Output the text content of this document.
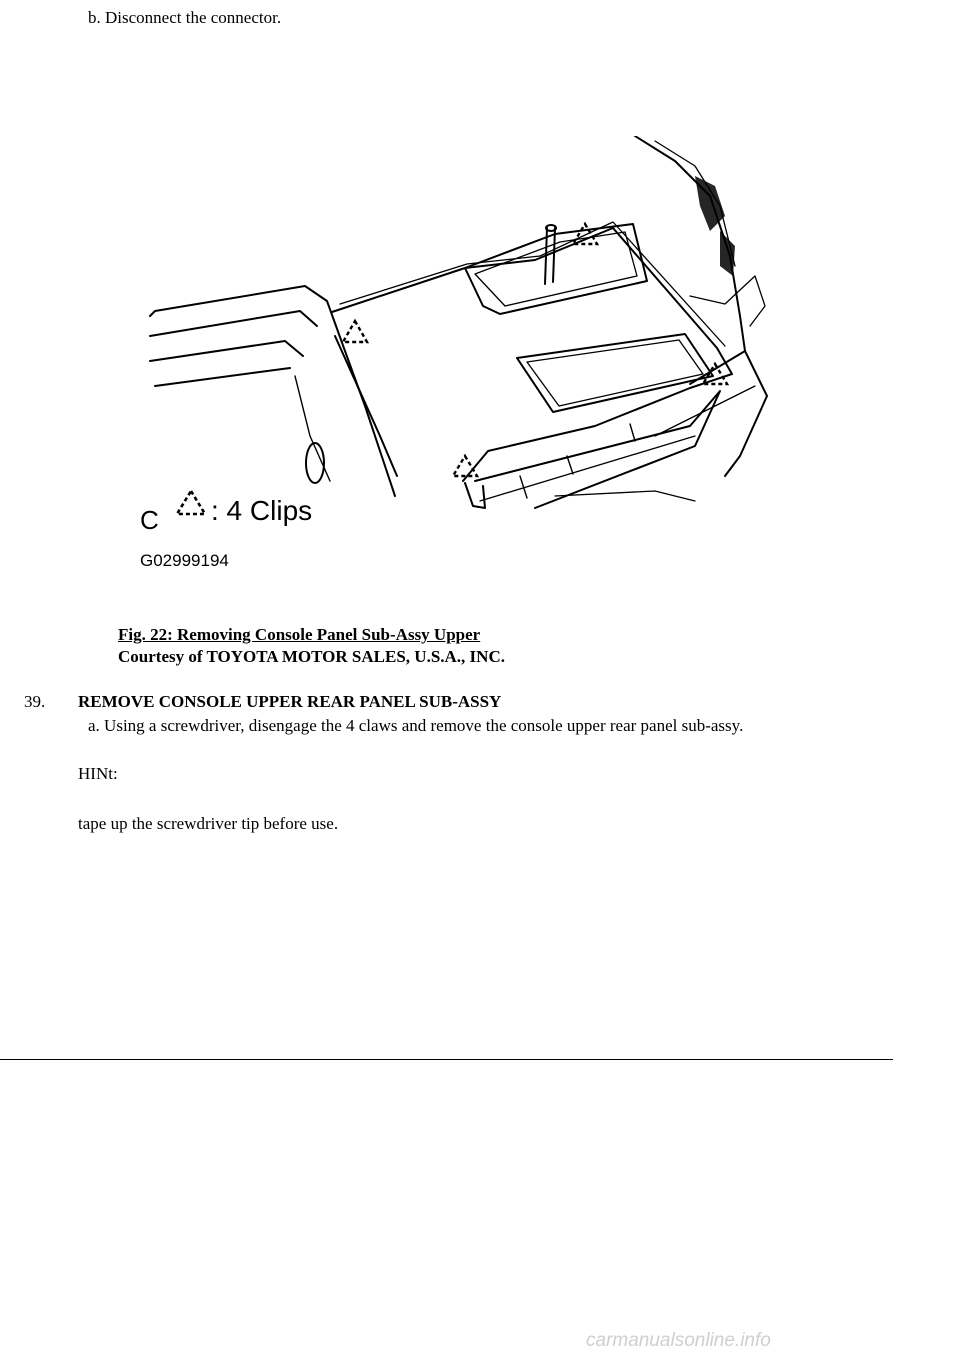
b. Disconnect the connector.
C : 4 Clips
G02999194
Fig. 22: Removing Console Panel Sub-Assy Upper
Courtesy of TOYOTA MOTOR SALES, U.S.A., INC.
39. REMOVE CONSOLE UPPER REAR PANEL SUB-ASSY
a. Using a screwdriver, disengage the 4 claws and remove the console upper rear panel sub-assy.
HINt:
tape up the screwdriver tip before use.
carmanualsonline.info
